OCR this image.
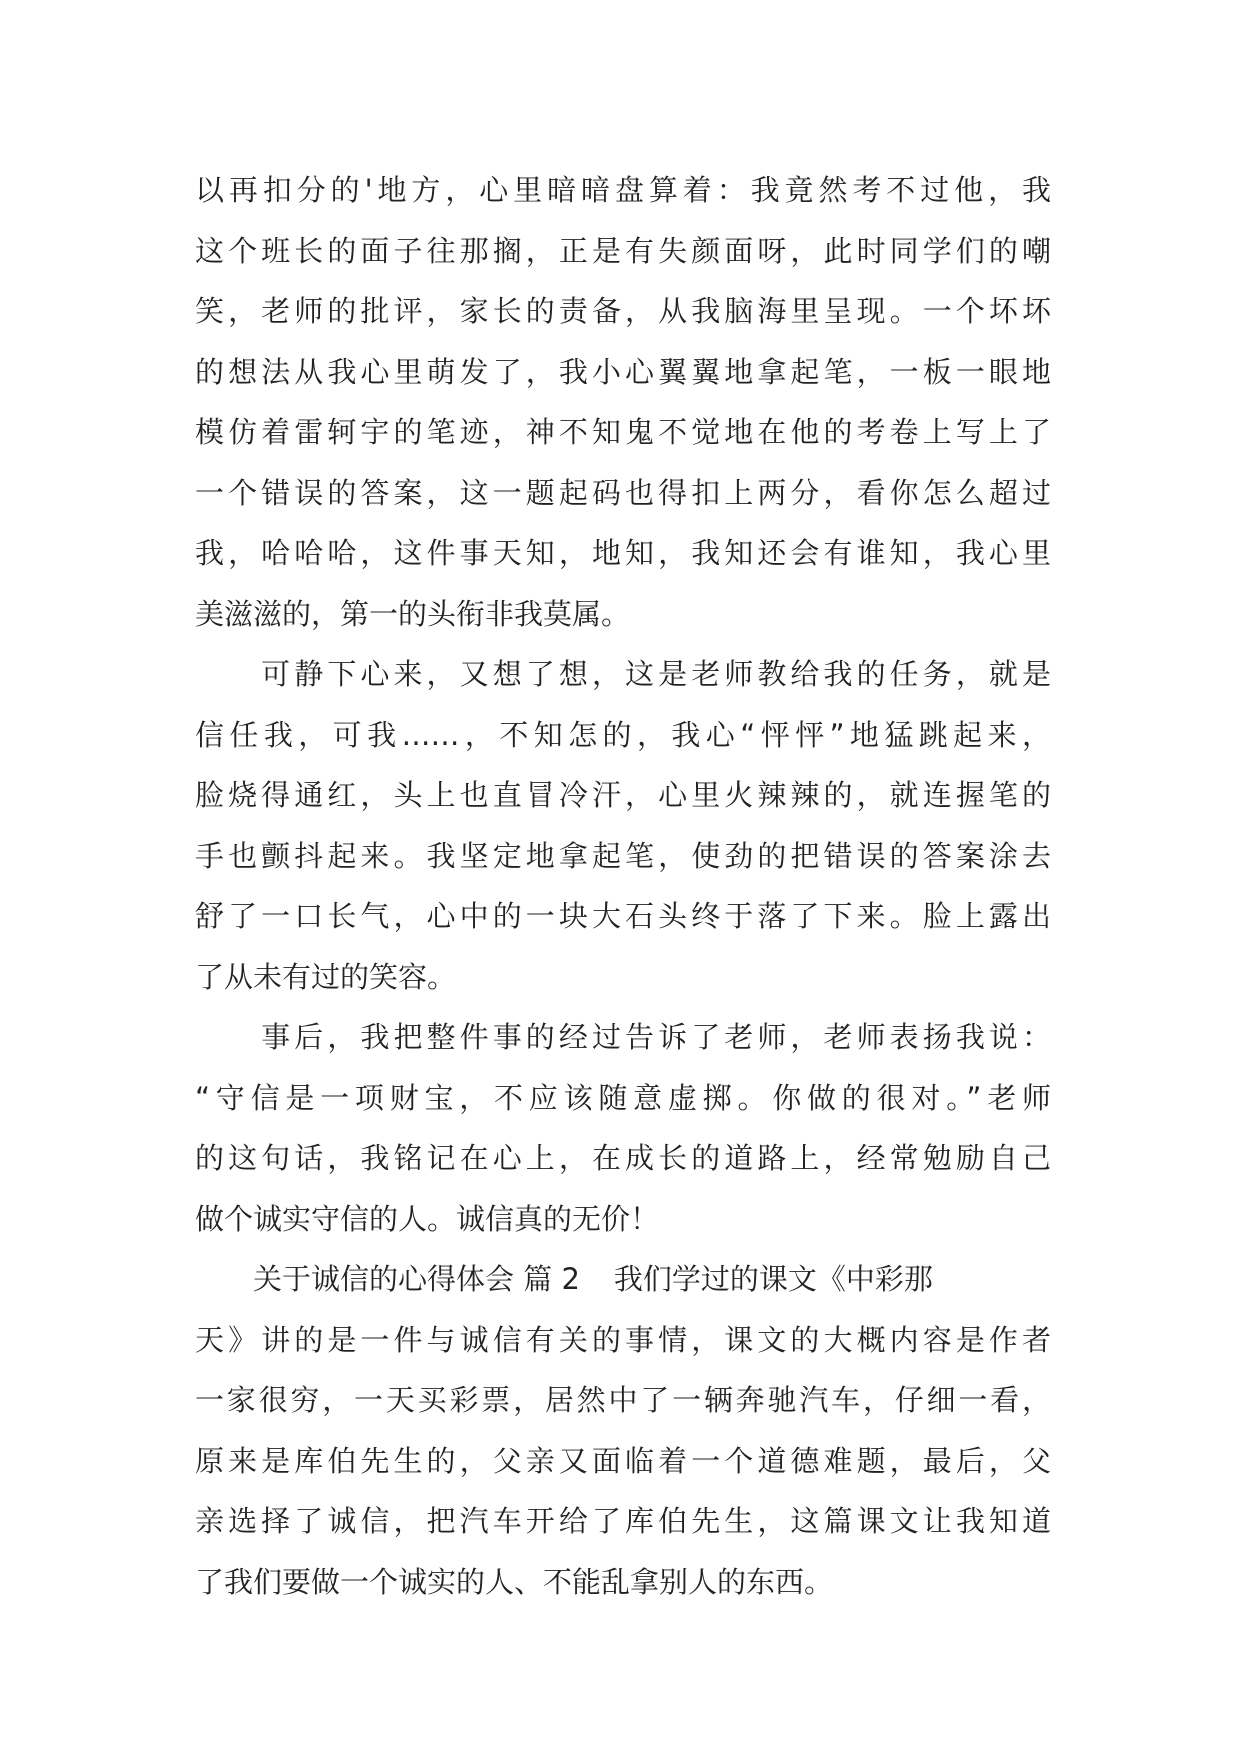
以再扣分的'地方，心里暗暗盘算着：我竟然考不过他，我
这个班长的面子往那搁，正是有失颜面呀，此时同学们的嘲
笑，老师的批评，家长的责备，从我脑海里呈现。一个坏坏
的想法从我心里萌发了，我小心翼翼地拿起笔，一板一眼地
模仿着雷轲宇的笔迹，神不知鬼不觉地在他的考卷上写上了
一个错误的答案，这一题起码也得扣上两分，看你怎么超过
我，哈哈哈，这件事天知，地知，我知还会有谁知，我心里
美滋滋的，第一的头衔非我莫属。
　　可静下心来，又想了想，这是老师教给我的任务，就是
信任我，可我……，不知怎的，我心“怦怦”地猛跳起来，
脸烧得通红，头上也直冒冷汗，心里火辣辣的，就连握笔的
手也颤抖起来。我坚定地拿起笔，使劲的把错误的答案涂去
舒了一口长气，心中的一块大石头终于落了下来。脸上露出
了从未有过的笑容。
　　事后，我把整件事的经过告诉了老师，老师表扬我说：
“守信是一项财宝，不应该随意虚掷。你做的很对。”老师
的这句话，我铭记在心上，在成长的道路上，经常勉励自己
做个诚实守信的人。诚信真的无价！
　　关于诚信的心得体会 篇 2 我们学过的课文《中彩那
天》讲的是一件与诚信有关的事情，课文的大概内容是作者
一家很穷，一天买彩票，居然中了一辆奔驰汽车，仔细一看，
原来是库伯先生的，父亲又面临着一个道德难题，最后，父
亲选择了诚信，把汽车开给了库伯先生，这篇课文让我知道
了我们要做一个诚实的人、不能乱拿别人的东西。
